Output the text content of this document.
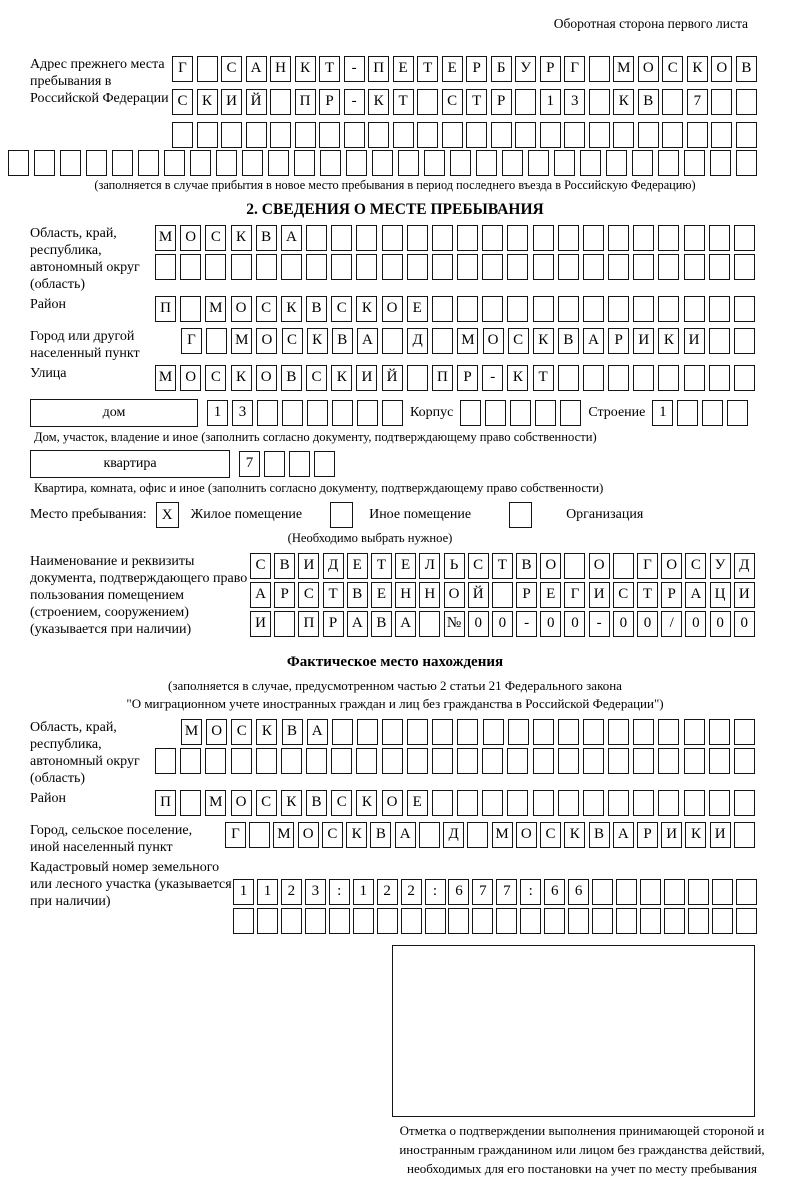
Оборотная сторона первого листа
Адрес прежнего места пребывания в Российской Федерации
Г	С А Н К Т	-	П Е	Т	Е	Р	Б У	Р	Г	М О С К О В
С К И Й	П Р	-	К Т	С Т	Р	1	3	К В	7
(заполняется в случае прибытия в новое место пребывания в период последнего въезда в Российскую Федерацию)
2. СВЕДЕНИЯ О МЕСТЕ ПРЕБЫВАНИЯ
Область, край, республика, автономный округ (область)
М О С	К	В А
Район	П	М О С	К	В	С	К О	Е
Город или другой населенный пункт
Г	М О С	К	В А	Д	М О С	К	В А	Р	И К И
Улица	М О С	К О В	С	К И Й	П	Р	-	К	Т
дом	1	3	Корпус	Строение 1
Дом, участок, владение и иное (заполнить согласно документу, подтверждающему право собственности)
квартира	7
Квартира, комната, офис и иное (заполнить согласно документу, подтверждающему право собственности)
Место пребывания:	X	Жилое помещение	Иное помещение	Организация
(Необходимо выбрать нужное)
Наименование и реквизиты документа, подтверждающего право пользования помещением (строением, сооружением) (указывается при наличии)
С В И Д Е	Т	Е Л Ь С Т В О	О	Г О С У Д
А Р	С Т В Е Н Н О Й	Р	Е	Г И С Т	Р А Ц И
И	П Р А В А	№ 0	0	-	0	0	-	0	0	/	0	0	0
Фактическое место нахождения
(заполняется в случае, предусмотренном частью 2 статьи 21 Федерального закона
"О миграционном учете иностранных граждан и лиц без гражданства в Российской Федерации")
Область, край, республика, автономный округ (область)
М О С	К	В А
Район	П	М О С	К	В	С	К О	Е
Город, сельское поселение, иной населенный пункт
Г	М О С К В А	Д	М О С К В А Р И К И
Кадастровый номер земельного или лесного участка (указывается при наличии)
1	1	2	3	:	1	2	2	:	6	7	7	:	6	6
Отметка о подтверждении выполнения принимающей стороной и иностранным гражданином или лицом без гражданства действий, необходимых для его постановки на учет по месту пребывания
